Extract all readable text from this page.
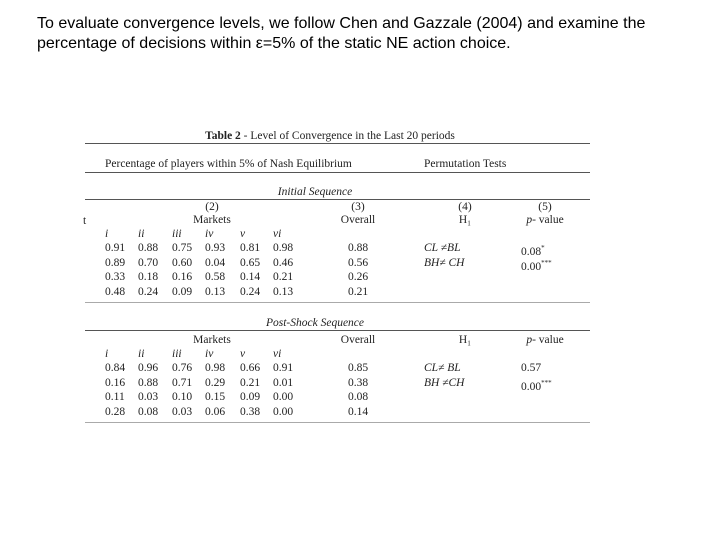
To evaluate convergence levels, we follow Chen and Gazzale (2004) and examine the percentage of decisions within ε=5% of the static NE action choice.
Table 2 - Level of Convergence in the Last 20 periods
Percentage of players within 5% of Nash Equilibrium	Permutation Tests
t
Initial Sequence
(2)	(3)	(4)	(5)
Markets	Overall	H₁	p- value
i	ii iii iv v vi
0.91 0.88 0.75 0.93 0.81 0.98	0.88	CL ≠BL	0.08*
0.89 0.70 0.60 0.04 0.65 0.46	0.56	BH≠ CH	0.00***
0.33 0.18 0.16 0.58 0.14 0.21	0.26
0.48 0.24 0.09 0.13 0.24 0.13	0.21
Post-Shock Sequence
Markets	Overall	H₁	p- value
i	ii iii iv v vi
0.84 0.96 0.76 0.98 0.66 0.91	0.85	CL≠ BL	0.57
0.16 0.88 0.71 0.29 0.21 0.01	0.38	BH ≠CH	0.00***
0.11 0.03 0.10 0.15 0.09 0.00	0.08
0.28 0.08 0.03 0.06 0.38 0.00	0.14
